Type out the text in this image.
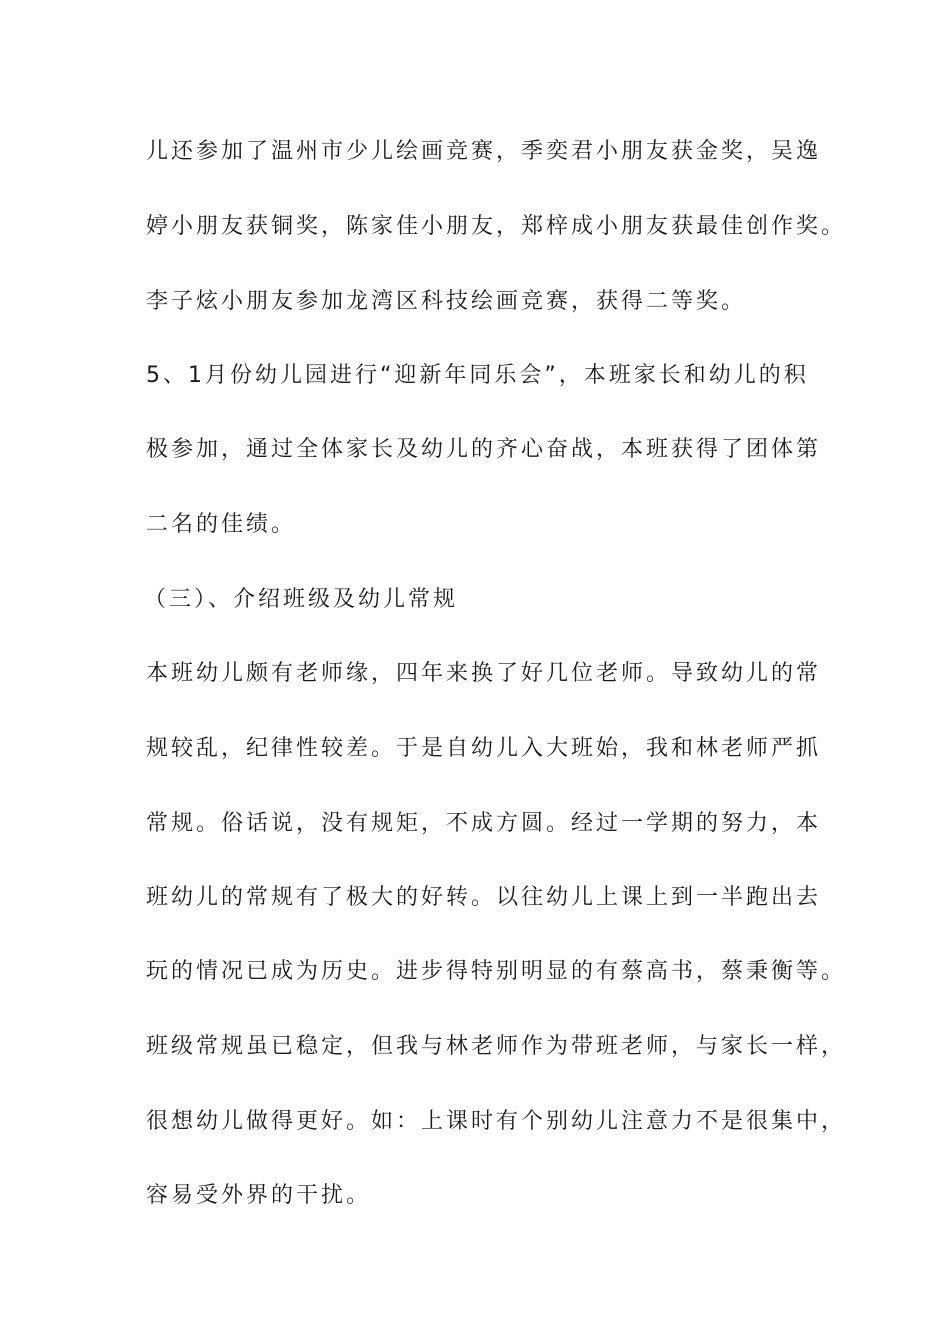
儿还参加了温州市少儿绘画竞赛，季奕君小朋友获金奖，吴逸

婷小朋友获铜奖，陈家佳小朋友，郑梓成小朋友获最佳创作奖。

李子炫小朋友参加龙湾区科技绘画竞赛，获得二等奖。

5、1月份幼儿园进行“迎新年同乐会”，本班家长和幼儿的积

极参加，通过全体家长及幼儿的齐心奋战，本班获得了团体第

二名的佳绩。

（三）、介绍班级及幼儿常规

本班幼儿颇有老师缘，四年来换了好几位老师。导致幼儿的常

规较乱，纪律性较差。于是自幼儿入大班始，我和林老师严抓

常规。俗话说，没有规矩，不成方圆。经过一学期的努力，本

班幼儿的常规有了极大的好转。以往幼儿上课上到一半跑出去

玩的情况已成为历史。进步得特别明显的有蔡高书，蔡秉衡等。

班级常规虽已稳定，但我与林老师作为带班老师，与家长一样，

很想幼儿做得更好。如：上课时有个别幼儿注意力不是很集中，

容易受外界的干扰。
